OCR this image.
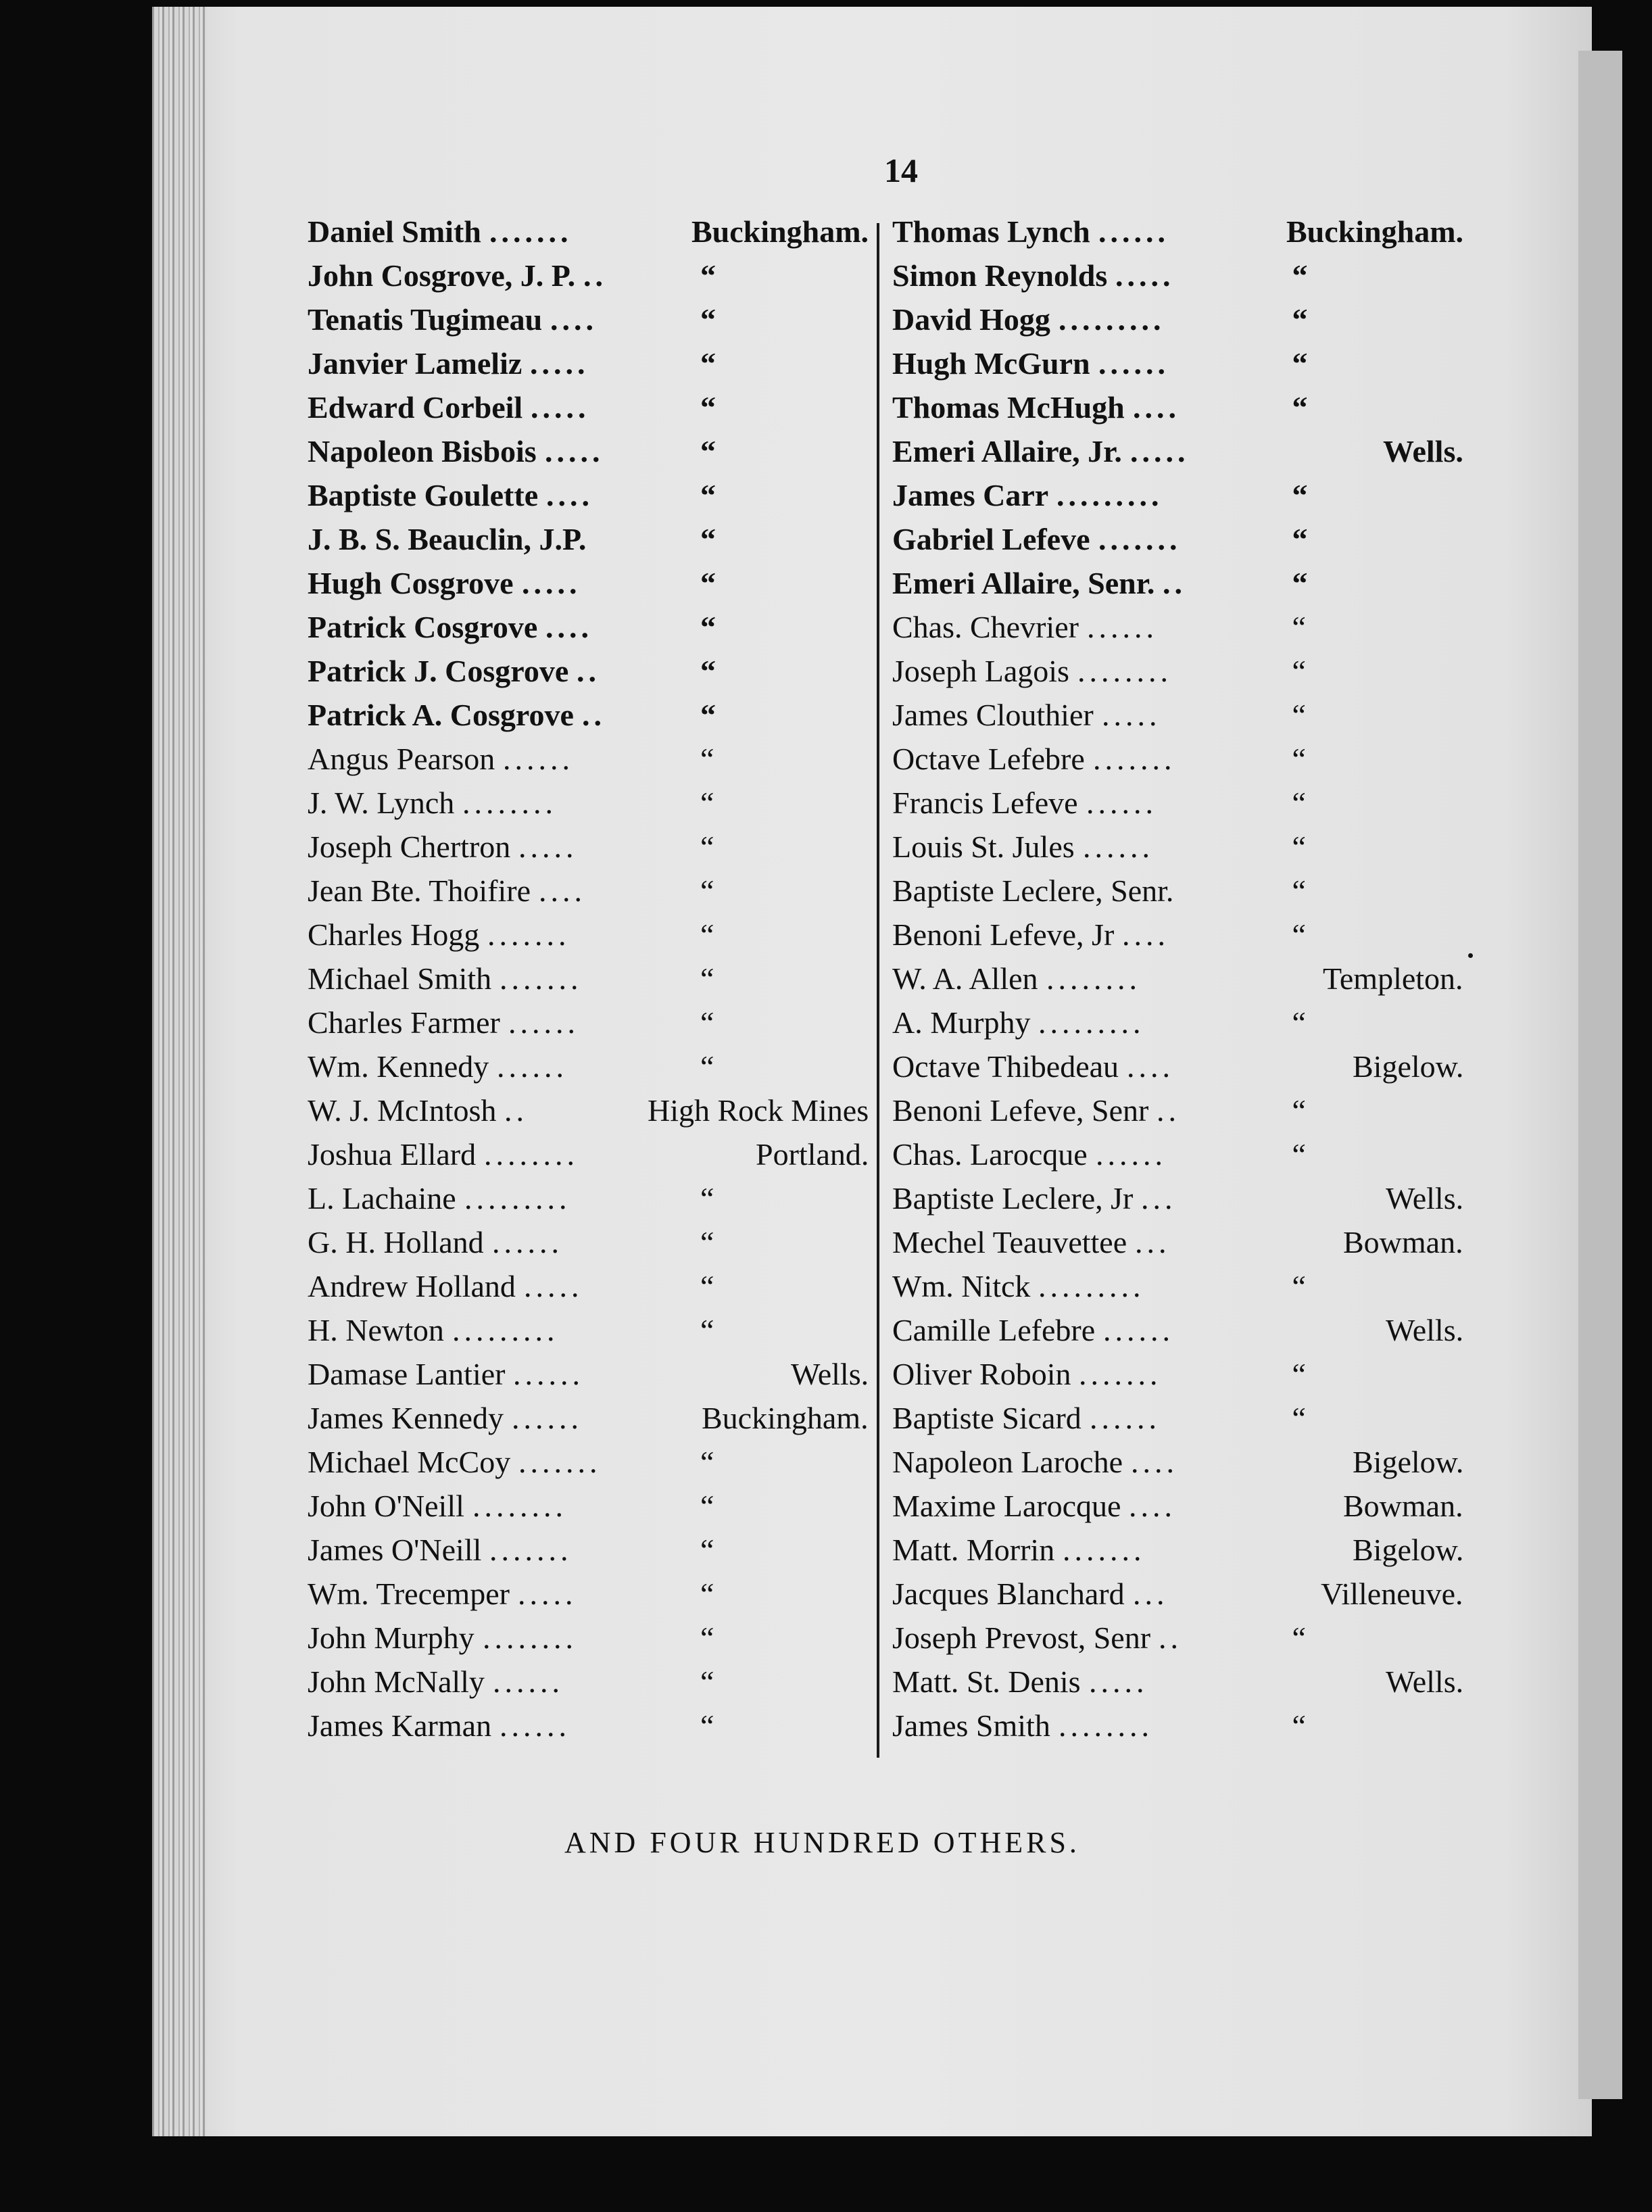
14
Daniel Smith .......	Buckingham.
John Cosgrove, J. P. ..	“
Tenatis Tugimeau ....	“
Janvier Lameliz .....	“
Edward Corbeil .....	“
Napoleon Bisbois .....	“
Baptiste Goulette ....	“
J. B. S. Beauclin, J.P.	“
Hugh Cosgrove .....	“
Patrick Cosgrove ....	“
Patrick J. Cosgrove ..	“
Patrick A. Cosgrove ..	“
Angus Pearson ......	“
J. W. Lynch ........	“
Joseph Chertron .....	“
Jean Bte. Thoifire ....	“
Charles Hogg .......	“
Michael Smith .......	“
Charles Farmer ......	“
Wm. Kennedy ......	“
W. J. McIntosh ..	High Rock Mines
Joshua Ellard ........	Portland.
L. Lachaine .........	“
G. H. Holland ......	“
Andrew Holland .....	“
H. Newton .........	“
Damase Lantier ......	Wells.
James Kennedy ......	Buckingham.
Michael McCoy .......	“
John O'Neill ........	“
James O'Neill .......	“
Wm. Trecemper .....	“
John Murphy ........	“
John McNally ......	“
James Karman ......	“
Thomas Lynch ......	Buckingham.
Simon Reynolds .....	“
David Hogg .........	“
Hugh McGurn ......	“
Thomas McHugh ....	“
Emeri Allaire, Jr. .....	Wells.
James Carr .........	“
Gabriel Lefeve .......	“
Emeri Allaire, Senr. ..	“
Chas. Chevrier ......	“
Joseph Lagois ........	“
James Clouthier .....	“
Octave Lefebre .......	“
Francis Lefeve ......	“
Louis St. Jules ......	“
Baptiste Leclere, Senr.	“
Benoni Lefeve, Jr ....	“
W. A. Allen ........	Templeton.
A. Murphy .........	“
Octave Thibedeau ....	Bigelow.
Benoni Lefeve, Senr ..	“
Chas. Larocque ......	“
Baptiste Leclere, Jr ...	Wells.
Mechel Teauvettee ...	Bowman.
Wm. Nitck .........	“
Camille Lefebre ......	Wells.
Oliver Roboin .......	“
Baptiste Sicard ......	“
Napoleon Laroche ....	Bigelow.
Maxime Larocque ....	Bowman.
Matt. Morrin .......	Bigelow.
Jacques Blanchard ...	Villeneuve.
Joseph Prevost, Senr ..	“
Matt. St. Denis .....	Wells.
James Smith ........	“
AND FOUR HUNDRED OTHERS.
